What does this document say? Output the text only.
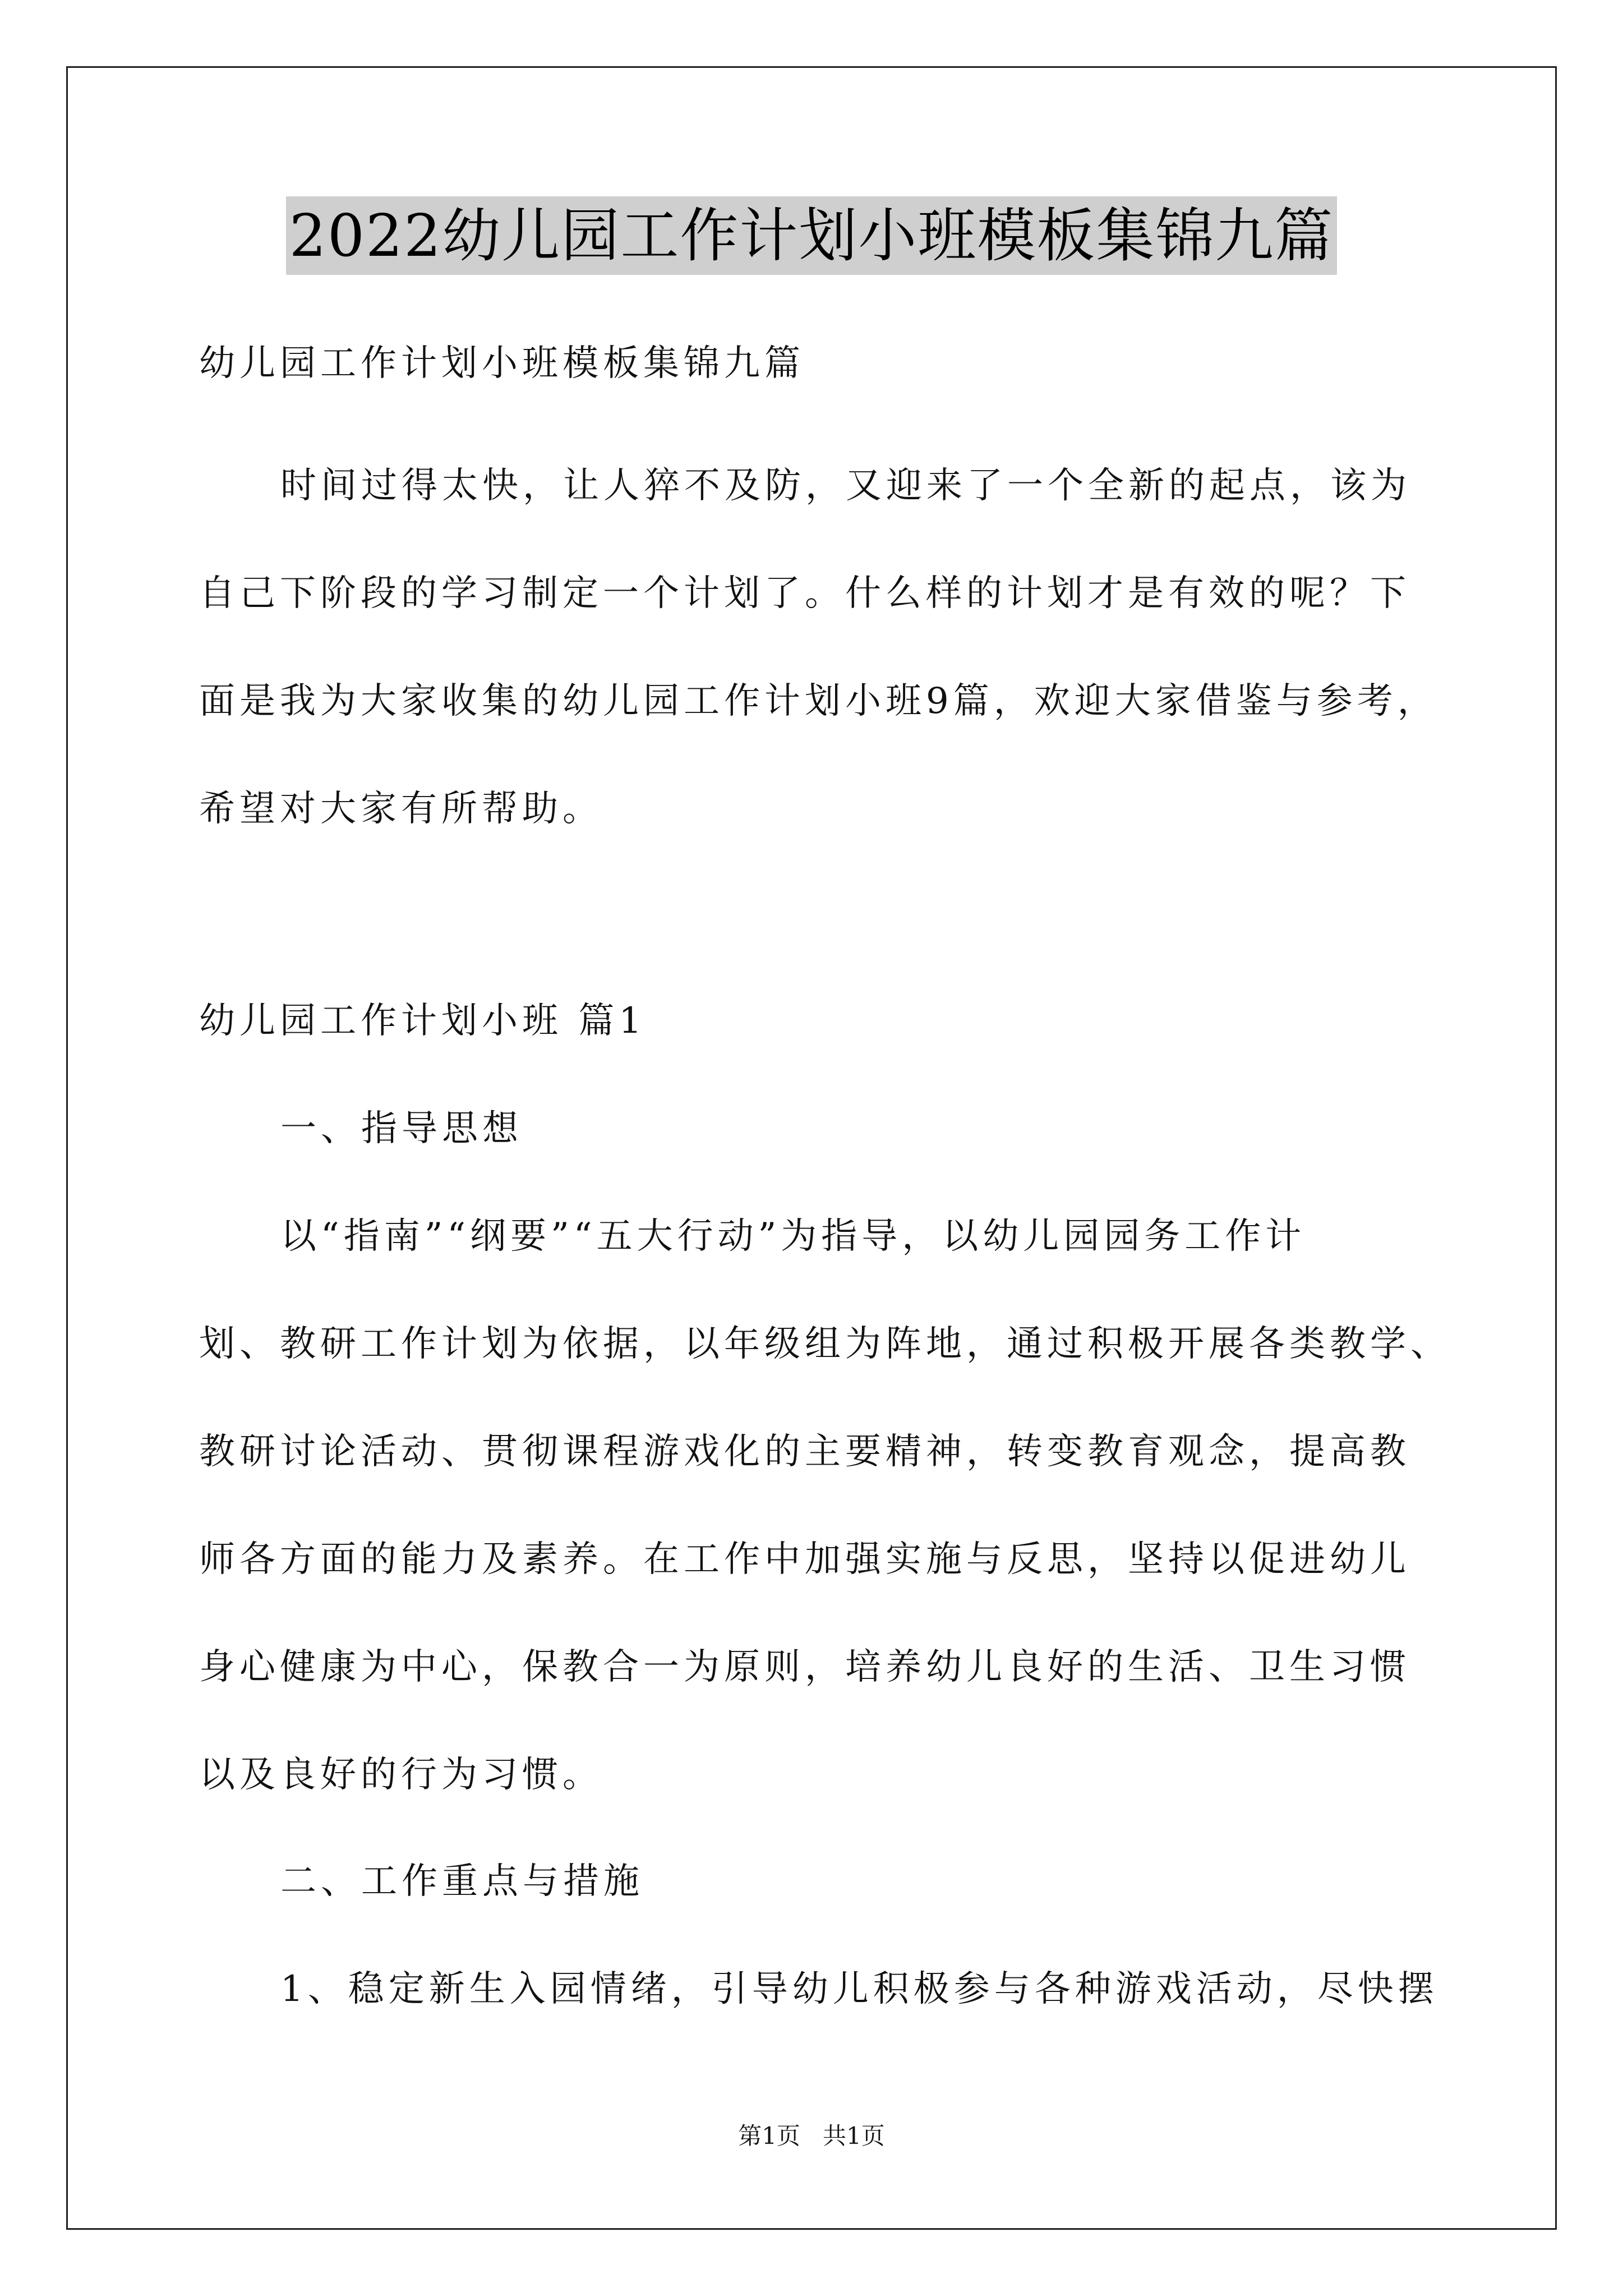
2022幼儿园工作计划小班模板集锦九篇
幼儿园工作计划小班模板集锦九篇
时间过得太快，让人猝不及防，又迎来了一个全新的起点，该为
自己下阶段的学习制定一个计划了。什么样的计划才是有效的呢？下
面是我为大家收集的幼儿园工作计划小班9篇，欢迎大家借鉴与参考，
希望对大家有所帮助。
幼儿园工作计划小班 篇1
一、指导思想
以“指南”“纲要”“五大行动”为指导，以幼儿园园务工作计
划、教研工作计划为依据，以年级组为阵地，通过积极开展各类教学、
教研讨论活动、贯彻课程游戏化的主要精神，转变教育观念，提高教
师各方面的能力及素养。在工作中加强实施与反思，坚持以促进幼儿
身心健康为中心，保教合一为原则，培养幼儿良好的生活、卫生习惯
以及良好的行为习惯。
二、工作重点与措施
1、稳定新生入园情绪，引导幼儿积极参与各种游戏活动，尽快摆
第1页   共1页
